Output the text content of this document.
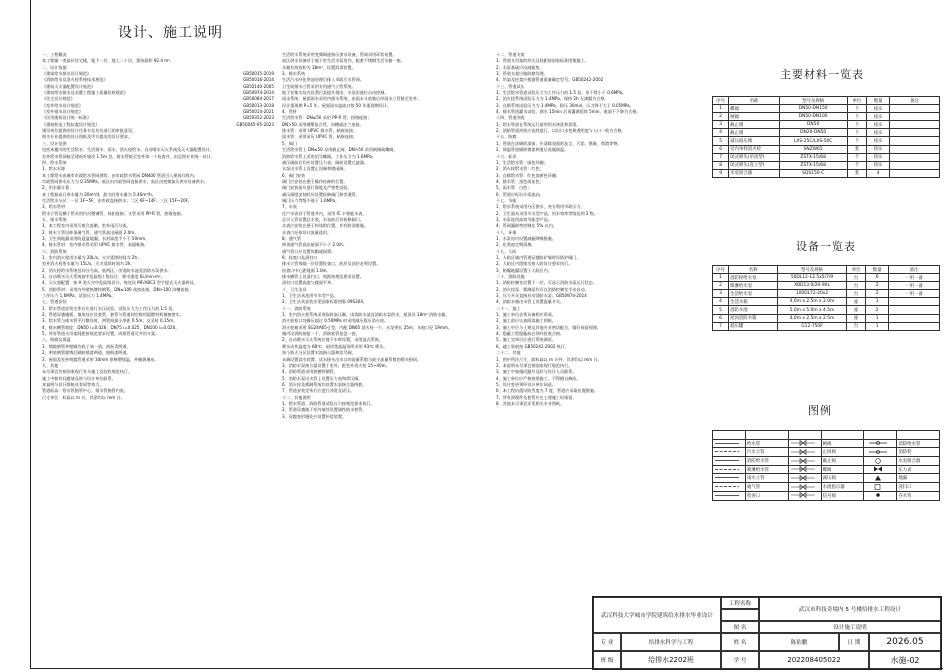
设计、施工说明
一、工程概况
本工程属一类高层住宅楼，地下一层，地上二十层，建筑面积 92.4 m²。
二、设计依据
《建筑给水排水设计规范》	GB50015-2019
《消防给水及消火栓系统技术规范》	GB50016-2014
《建筑灭火器配置设计规范》	GB50140-2005
《建筑给水排水及采暖工程施工质量验收规范》	GB50974-2014
《住宅设计规范》	GB50084-2017
《室外给水设计规范》	GB50013-2018
《室外排水设计规范》	GB50014-2021
《民用建筑设计统一标准》	GB50352-2023
《建筑机电工程抗震设计规范》	GB50045-95-2023
建设单位提供的设计任务书及有关部门的审批意见；
相关专业提供的设计图纸及甲方提出的设计要求。
三、设计范围
包括本楼内的生活给水、生活排水、雨水、消火栓给水、自动喷水灭火系统及灭火器配置设计。
室外给水管网接至建筑外墙皮 1.5m 处，排水管接至室外第一个检查井，由总图专业统一设计。
四、给水系统
1、给水水源
本工程给水由城市市政给水管网供给，由市政给水管网 DN400 管道引入建筑红线内。
市政管网供水压力为 0.35MPa，低区由市政管网直接供水，高区由变频加压供水设备供水。
2、用水量计算
本工程最高日用水量为 20m³/d，最大时用水量为 5.46m³/h。
生活给水分区：一区 1F~5F，由市政直接供水；二区 6F~14F；三区 15F~20F。
3、给水管材
给水立管及横干管采用内衬塑钢管，丝扣连接；支管采用 PP-R 管，热熔连接。
五、排水系统
1、本工程室内采用污废合流制，室外雨污分流。
2、排水立管设伸顶通气管，通气管高出屋面 2.0m。
3、卫生间地漏采用防返溢地漏，水封高度不小于 50mm。
4、排水管材：室内排水管采用 UPVC 排水管，承插粘接。
六、消防系统
1、室内消火栓用水量为 20L/s，火灾延续时间为 2h；
室外消火栓用水量为 15L/s，火灾延续时间为 2h。
2、消火栓给水系统竖向分为高、低两区，由消防水池及消防水泵供水。
3、自动喷水灭火系统按中危险级 I 级设计，喷水强度 6L/min·m²。
4、灭火器配置：按 A 类火灾中危险级设计，每处设 MF/ABC3 型手提式灭火器两具。
5、消防管材：采用内外壁热镀锌钢管，DN≤100 丝扣连接，DN>100 沟槽连接。
工作压力 1.6MPa，试验压力 1.4MPa。
七、管道安装
1、给水管道安装完毕后应进行水压试验，试验压力为工作压力的 1.5 倍。
2、管道穿越楼板、墙体处应设套管，套管与管道间空隙用阻燃材料填塞密实。
3、给水管与排水管平行敷设时，两管间最小净距 0.5m；交叉时 0.15m。
4、排水横管坡度：DN50 i=0.026，DN75 i=0.025，DN100 i=0.020。
5、所有管道支吊架间距按规范要求设置，成排管道可共用支架。
八、防腐及保温
1、埋地钢管外壁刷冷底子油一道，热沥青两道。
2、明装钢管除锈后刷防锈漆两道，银粉漆两道。
3、屋面及室外明露管道采用 30mm 厚橡塑保温，外缠玻璃布。
九、其他
未尽事宜均按国家现行有关施工及验收规范执行。
施工中如有问题请及时与设计单位联系。
本说明与设计图纸具有同等效力。
管道标高：给水管指管中心，排水管指管内底。
尺寸单位：标高以 m 计，其余均以 mm 计。
生活给水系统采用变频调速加压供水设备，管网采用环状布置。
高区供水设备设于地下室生活水泵房内，配套不锈钢生活水箱一座。
水箱有效容积为 18m³，设置消毒装置。
3、排水系统
生活污水经化粪池处理后排入市政污水管网。
卫生间排水立管采用专用通气立管系统。
地下室集水坑内设潜污泵提升排出，水泵由液位自动控制。
雨水系统：屋面雨水采用内排水系统，由雨水斗收集后经雨水立管排至室外。
设计重现期 P=5 年，屋面雨水溢流口按 50 年重现期设计。
4、管材
生活给水管：DN≤50 采用 PP-R 管，热熔连接；
DN>50 采用钢塑复合管，沟槽或法兰连接。
排水管：采用 UPVC 排水管，粘接连接。
雨水管：采用承压 UPVC 管，粘接连接。
5、阀门
生活给水管上 DN≤50 采用截止阀，DN>50 采用闸阀或蝶阀。
消防给水管上采用信号蝶阀，工作压力为 1.6MPa。
减压阀前后均应设置压力表，阀前设置过滤器。
水泵出水管上设置止回阀和缓闭阀。
6、阀门安装
阀门应安装在便于操作检修的位置。
阀门安装前应进行强度及严密性试验。
减压阀组安装时应设置检修阀门和旁通管。
阀门压力等级不低于 1.6MPa。
7、水表
住户水表设于管道井内，采用 IC 卡智能水表。
总引入管设置总水表，水表前后设检修阀门。
水表应安装在便于抄读的位置，并有防冻措施。
水表口径按设计流量选用。
8、通气管
伸顶通气管高出屋面不小于 2.0m。
通气管口应设置风帽或网罩。
9、检查口及清扫口
排水立管每隔一层设置检查口，底层及顶层必须设置。
检查口中心距地面 1.0m。
排水横管上设清扫口，间距按规范要求设置。
清扫口设置高度与楼面平齐。
十、卫生洁具
1、卫生洁具选用节水型产品。
2、卫生洁具安装详见国家标准图集 09S304。
十一、消防系统
1、室内消火栓系统采用临时高压制。由消防水池及消防水泵供水，屋顶设 18m³ 消防水箱。
消火栓栓口处静压超过 0.50MPa 时采用减压稳压消火栓。
消火栓箱采用 SG24A65-J 型，内配 DN65 消火栓一个，水龙带长 25m，水枪口径 19mm。
箱内设消防按钮一个，消防软管卷盘一套。
2、自动喷水灭火系统在地下车库设置，采用湿式系统。
喷头动作温度为 68℃，厨房等高温场所采用 93℃ 喷头。
每个防火分区设置水流指示器和信号阀。
末端设置试水装置，试水接头出水口的流量系数与最小流量系数的喷头相同。
3、消防水泵接合器设置于室外，距室外消火栓 15~40m。
4、消防管道采用热镀锌钢管。
5、消防水泵出水管上设置压力表和泄压阀。
6、消火栓及喷淋系统均设置水泵接合器两套。
7、管道安装完毕后应进行冲洗及试压。
十二、其他说明
1、给水管道、消防管道试验压力按规范要求执行。
2、管道穿越地下室外墙处设置刚性防水套管。
3、穿越变形缝处应设置补偿装置。
十二、管道支架
1、管道支吊架的形式及间距按国家标准图集施工。
2、水泵基础应设减振垫。
3、管道支架应做防腐处理。
4、吊架及托架应根据管道重量确定型号。GB50242-2002
十三、管道试压
1、生活给水管道试验压力为工作压力的 1.5 倍，但不得小于 0.6MPa。
2、消火栓系统试验压力为 1.4MPa，保持 2h 无渗漏为合格。
3、自喷系统试验压力为 1.4MPa，稳压 30min，压力降不大于 0.05MPa。
4、排水管道灌水试验，满水 15min 后再灌满延续 5min，液面不下降为合格。
十四、管道冲洗
1、给水管道在系统运行前须用水冲洗和消毒。
2、消防管道冲洗应连续进行，以出口水色和透明度与入口一致为合格。
十五、防腐
1、管道在涂刷底漆前，应清除表面的灰尘、污垢、锈斑、焊渣等物。
2、保温管道刷防锈漆两道后再做保温。
十六、标识
1、生活给水管：绿色环圈；
2、消火栓给水管：红色；
3、自喷给水管：红色加黄色环圈；
4、排水管：黑色或灰色；
5、雨水管：白色；
6、管道应标识介质流向。
十七、节能
1、给水系统采用分区供水，充分利用市政压力。
2、卫生器具采用节水型产品，用水效率等级达到 2 级。
3、水泵选用高效节能型产品。
4、管网漏损率控制在 5% 以内。
十八、环保
1、水泵房内设置减振降噪措施。
2、化粪池定期清掏。
十九、人防
1、人防区域内管道穿越防护墙时设防护阀门。
2、人防区内给排水按人防设计要求执行。
3、防爆地漏设置于人防区内。
二十、消防设施
1、消防控制室设置于一层，可显示消防水泵运行状态。
2、消火栓泵、喷淋泵均可在消防控制室手动启动。
3、压力开关直接启动消防水泵。GB50974-2014
4、消防水箱出水管上设置流量开关。
二十一、施工
1、施工单位必须具备相应资质。
2、施工前应认真阅读施工图纸。
3、施工中应与土建及其他专业密切配合，做好预留预埋。
4、隐蔽工程隐蔽前必须经验收合格。
5、施工完毕后应进行系统调试。
6、竣工验收按 GB50242-2002 执行。
二十二、其他
1、图中所注尺寸，除标高以 m 计外，其余均以 mm 计。
2、本说明未尽事宜按国家现行规范执行。
3、施工中如遇问题应及时与设计人员联系。
4、施工单位应严格按图施工，不得擅自修改。
5、设计变更须经设计单位同意。
6、本工程抗震设防烈度为 7 度，管道应采取抗震措施。
7、所有预埋件及套管应在土建施工时预留。
8、其他未尽事宜详见相关专业图纸。
主要材料一览表
序号	名称	型号及规格	单位	数量	备注
1	蝶阀	DN50-DN150	个	按实	
2	闸阀	DN50-DN100	个	按实	
3	截止阀	DN50	个	按实	
4	截止阀	DN20-DN50	个	按实	
5	减压稳压阀	LXS-25C/LXS-50C	个	按实	
6	室内单栓消火栓	SNZW65	套	按实	
7	闭式喷头(吊顶型)	ZSTX-15/68	个	按实	
8	闭式喷头(直立型)	ZSTX-15/68	个	按实	
9	水泵接合器	SQS150-C	套	4	
设备一览表
序号	名称	型号及规格	单位	数量	备注
1	消防栓给水泵	50DL12-12.5x5/7/9	台	6	一用一备
2	喷淋给水泵	XBD13.0/20-90L	台	2	一用一备
3	生活给水泵	100DL72-20x2	台	2	一用一备
4	生活水箱	4.0m x 2.5m x 2.0m	座	1	
5	消防水池	5.0m x 5.0m x 4.5m	座	2	
6	屋顶消防水箱	4.0m x 2.5m x 2.5m	座	1	
7	稳压罐	G12-750F	台	1	
图例

	给水管		闸阀		消防给水管
	污水立管		止回阀		消防栓
	消防给水管		截止阀		水泵接合器
	喷淋给水管		蝶阀		压力表
	雨水立管		减压阀		地漏
	通气管		水流指示器		清扫口
	检查口		信号阀		存水弯
武汉科技大学城市学院建筑给水排水毕业设计
工程名称
武汉市科技奇境内 5 号楼给排水工程设计
图 名	设计施工说明
专 业	给排水科学与工程	姓 名	陈佑鹏	日 期	2026.05
班 级	给排水2202班	学 号	202208405022	水施-02
